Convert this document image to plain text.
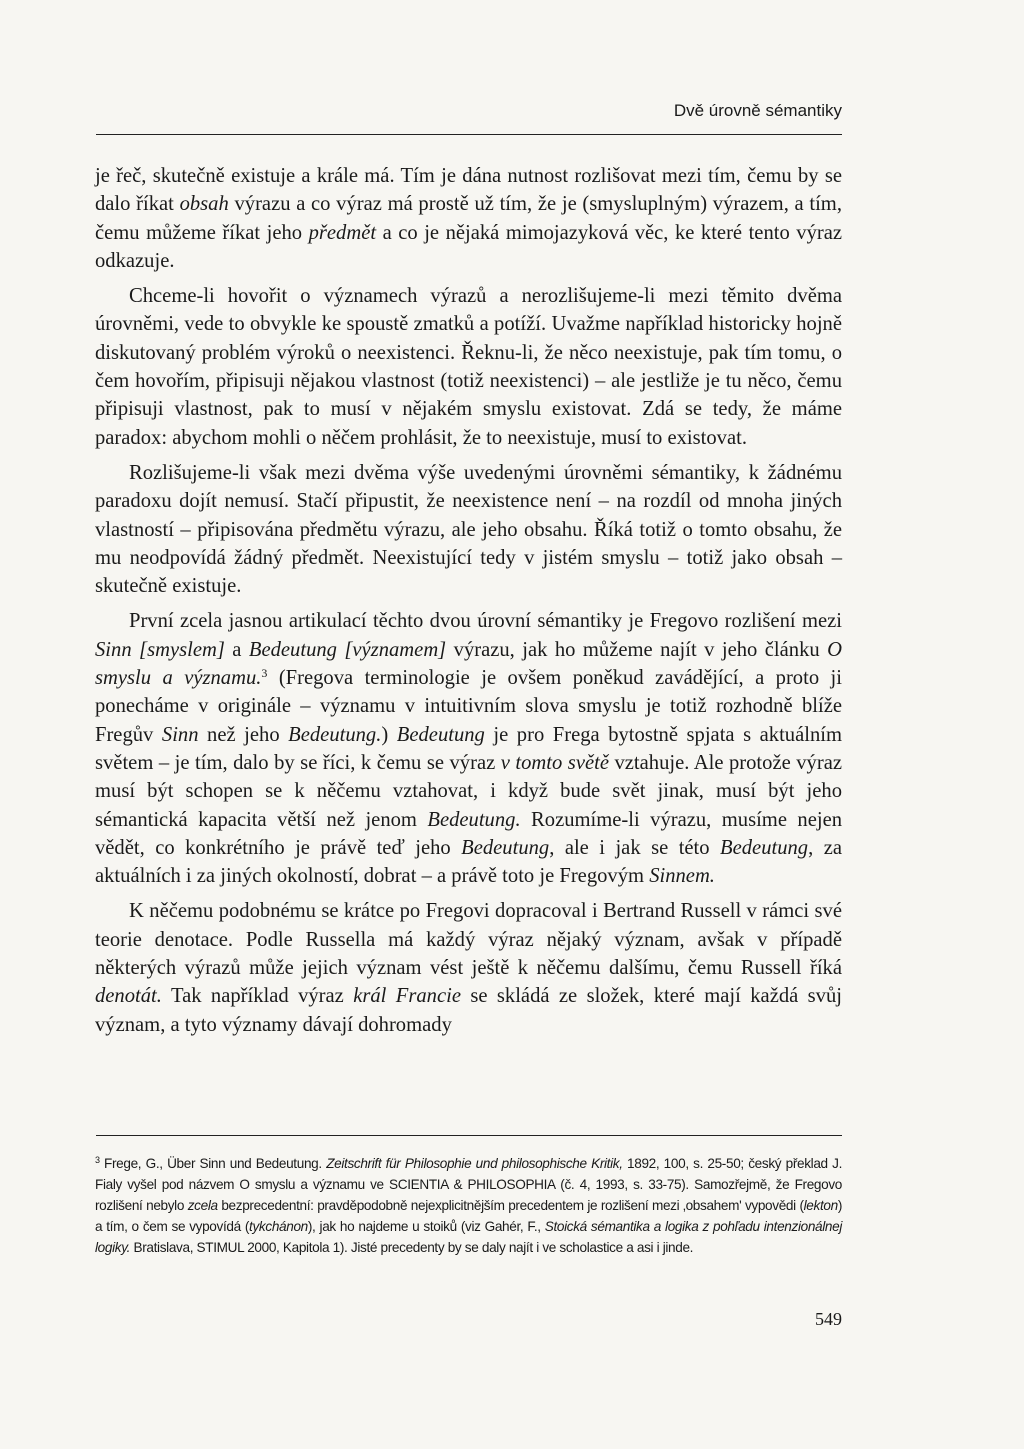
Dvě úrovně sémantiky

je řeč, skutečně existuje a krále má. Tím je dána nutnost rozlišovat mezi tím, čemu by se dalo říkat obsah výrazu a co výraz má prostě už tím, že je (smysluplným) výrazem, a tím, čemu můžeme říkat jeho předmět a co je nějaká mimojazyková věc, ke které tento výraz odkazuje.

Chceme-li hovořit o významech výrazů a nerozlišujeme-li mezi těmito dvěma úrovněmi, vede to obvykle ke spoustě zmatků a potíží. Uvažme například historicky hojně diskutovaný problém výroků o neexistenci. Řeknu-li, že něco neexistuje, pak tím tomu, o čem hovořím, připisuji nějakou vlastnost (totiž neexistenci) – ale jestliže je tu něco, čemu připisuji vlastnost, pak to musí v nějakém smyslu existovat. Zdá se tedy, že máme paradox: abychom mohli o něčem prohlásit, že to neexistuje, musí to existovat.

Rozlišujeme-li však mezi dvěma výše uvedenými úrovněmi sémantiky, k žádnému paradoxu dojít nemusí. Stačí připustit, že neexistence není – na rozdíl od mnoha jiných vlastností – připisována předmětu výrazu, ale jeho obsahu. Říká totiž o tomto obsahu, že mu neodpovídá žádný předmět. Neexistující tedy v jistém smyslu – totiž jako obsah – skutečně existuje.

První zcela jasnou artikulací těchto dvou úrovní sémantiky je Fregovo rozlišení mezi Sinn [smyslem] a Bedeutung [významem] výrazu, jak ho můžeme najít v jeho článku O smyslu a významu.$^3$ (Fregova terminologie je ovšem poněkud zavádějící, a proto ji ponecháme v originále – významu v intuitivním slova smyslu je totiž rozhodně blíže Fregův Sinn než jeho Bedeutung.) Bedeutung je pro Frega bytostně spjata s aktuálním světem – je tím, dalo by se říci, k čemu se výraz v tomto světě vztahuje. Ale protože výraz musí být schopen se k něčemu vztahovat, i když bude svět jinak, musí být jeho sémantická kapacita větší než jenom Bedeutung. Rozumíme-li výrazu, musíme nejen vědět, co konkrétního je právě teď jeho Bedeutung, ale i jak se této Bedeutung, za aktuálních i za jiných okolností, dobrat – a právě toto je Fregovým Sinnem.

K něčemu podobnému se krátce po Fregovi dopracoval i Bertrand Russell v rámci své teorie denotace. Podle Russella má každý výraz nějaký význam, avšak v případě některých výrazů může jejich význam vést ještě k něčemu dalšímu, čemu Russell říká denotát. Tak například výraz král Francie se skládá ze složek, které mají každá svůj význam, a tyto významy dávají dohromady

$^3$ Frege, G., Über Sinn und Bedeutung. Zeitschrift für Philosophie und philosophische Kritik, 1892, 100, s. 25-50; český překlad J. Fialy vyšel pod názvem O smyslu a významu ve SCIENTIA & PHILOSOPHIA (č. 4, 1993, s. 33-75). Samozřejmě, že Fregovo rozlišení nebylo zcela bezprecedentní: pravděpodobně nejexplicitnějším precedentem je rozlišení mezi ‚obsahem' vypovědi (lekton) a tím, o čem se vypovídá (tykchánon), jak ho najdeme u stoiků (viz Gahér, F., Stoická sémantika a logika z pohľadu intenzionálnej logiky. Bratislava, STIMUL 2000, Kapitola 1). Jisté precedenty by se daly najít i ve scholastice a asi i jinde.
549
